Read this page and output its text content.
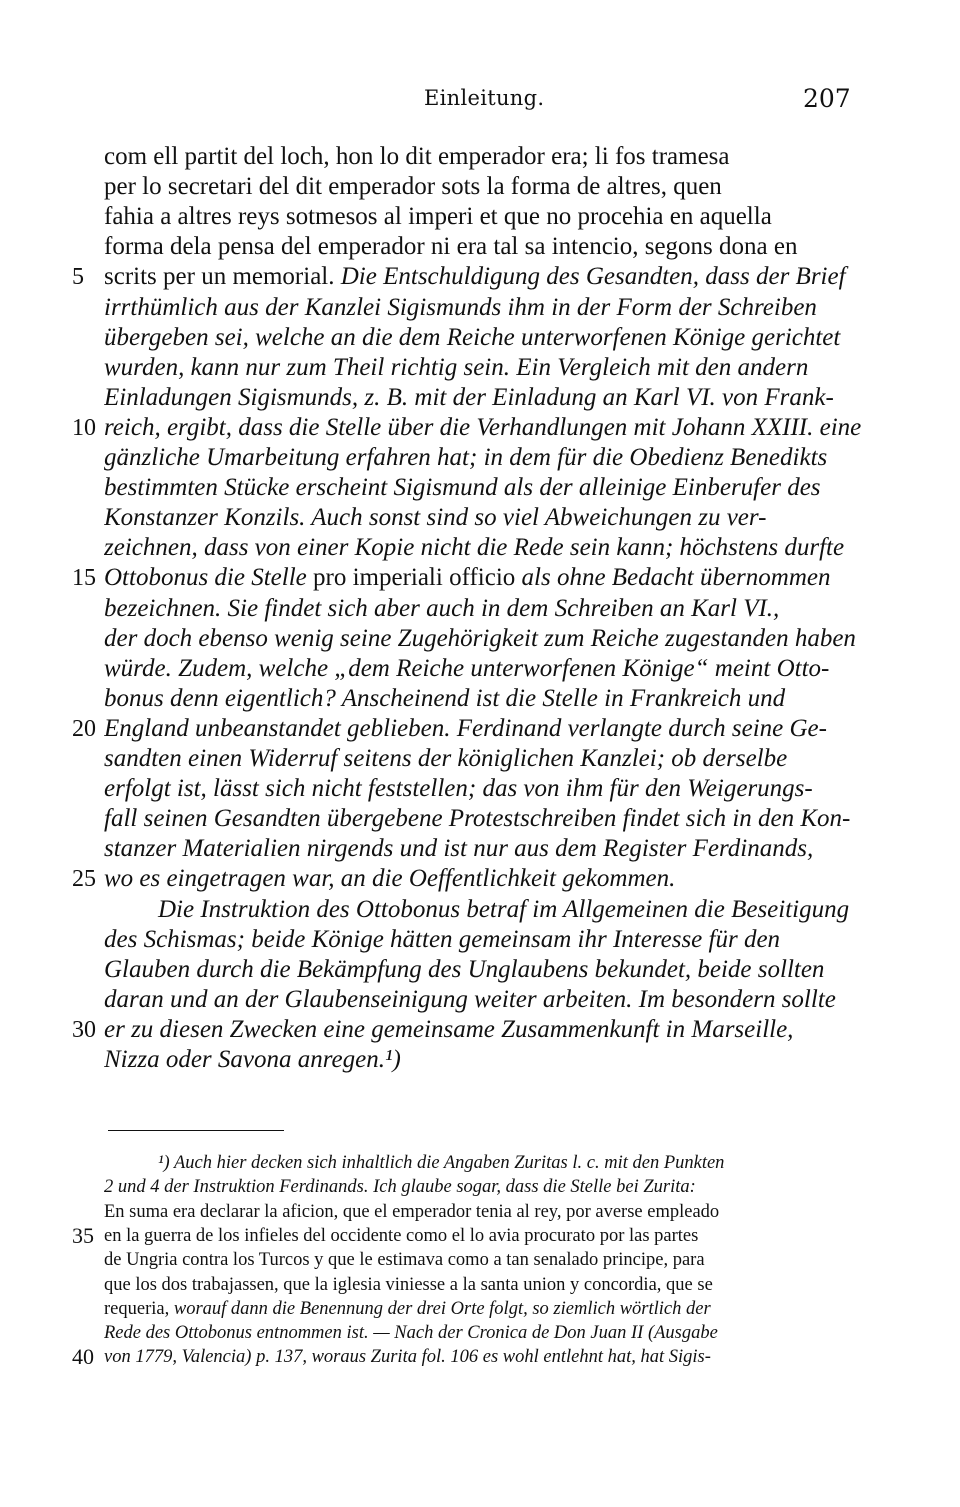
Einleitung.	207
com ell partit del loch, hon lo dit emperador era; li fos tramesa
per lo secretari del dit emperador sots la forma de altres, quen
fahia a altres reys sotmesos al imperi et que no procehia en aquella
forma dela pensa del emperador ni era tal sa intencio, segons dona en
scrits per un memorial. Die Entschuldigung des Gesandten, dass der Brief
irrthümlich aus der Kanzlei Sigismunds ihm in der Form der Schreiben
übergeben sei, welche an die dem Reiche unterworfenen Könige gerichtet
wurden, kann nur zum Theil richtig sein. Ein Vergleich mit den andern
Einladungen Sigismunds, z. B. mit der Einladung an Karl VI. von Frank-
reich, ergibt, dass die Stelle über die Verhandlungen mit Johann XXIII. eine
gänzliche Umarbeitung erfahren hat; in dem für die Obedienz Benedikts
bestimmten Stücke erscheint Sigismund als der alleinige Einberufer des
Konstanzer Konzils. Auch sonst sind so viel Abweichungen zu ver-
zeichnen, dass von einer Kopie nicht die Rede sein kann; höchstens durfte
Ottobonus die Stelle pro imperiali officio als ohne Bedacht übernommen
bezeichnen. Sie findet sich aber auch in dem Schreiben an Karl VI.,
der doch ebenso wenig seine Zugehörigkeit zum Reiche zugestanden haben
würde. Zudem, welche „dem Reiche unterworfenen Könige“ meint Otto-
bonus denn eigentlich? Anscheinend ist die Stelle in Frankreich und
England unbeanstandet geblieben. Ferdinand verlangte durch seine Ge-
sandten einen Widerruf seitens der königlichen Kanzlei; ob derselbe
erfolgt ist, lässt sich nicht feststellen; das von ihm für den Weigerungs-
fall seinen Gesandten übergebene Protestschreiben findet sich in den Kon-
stanzer Materialien nirgends und ist nur aus dem Register Ferdinands,
wo es eingetragen war, an die Oeffentlichkeit gekommen.
Die Instruktion des Ottobonus betraf im Allgemeinen die Beseitigung
des Schismas; beide Könige hätten gemeinsam ihr Interesse für den
Glauben durch die Bekämpfung des Unglaubens bekundet, beide sollten
daran und an der Glaubenseinigung weiter arbeiten. Im besondern sollte
er zu diesen Zwecken eine gemeinsame Zusammenkunft in Marseille,
Nizza oder Savona anregen.¹)
5
10
15
20
25
30
¹) Auch hier decken sich inhaltlich die Angaben Zuritas l. c. mit den Punkten
2 und 4 der Instruktion Ferdinands. Ich glaube sogar, dass die Stelle bei Zurita:
En suma era declarar la aficion, que el emperador tenia al rey, por averse empleado
en la guerra de los infieles del occidente como el lo avia procurato por las partes
de Ungria contra los Turcos y que le estimava como a tan senalado principe, para
que los dos trabajassen, que la iglesia viniesse a la santa union y concordia, que se
requeria, worauf dann die Benennung der drei Orte folgt, so ziemlich wörtlich der
Rede des Ottobonus entnommen ist. — Nach der Cronica de Don Juan II (Ausgabe
von 1779, Valencia) p. 137, woraus Zurita fol. 106 es wohl entlehnt hat, hat Sigis-
35
40
